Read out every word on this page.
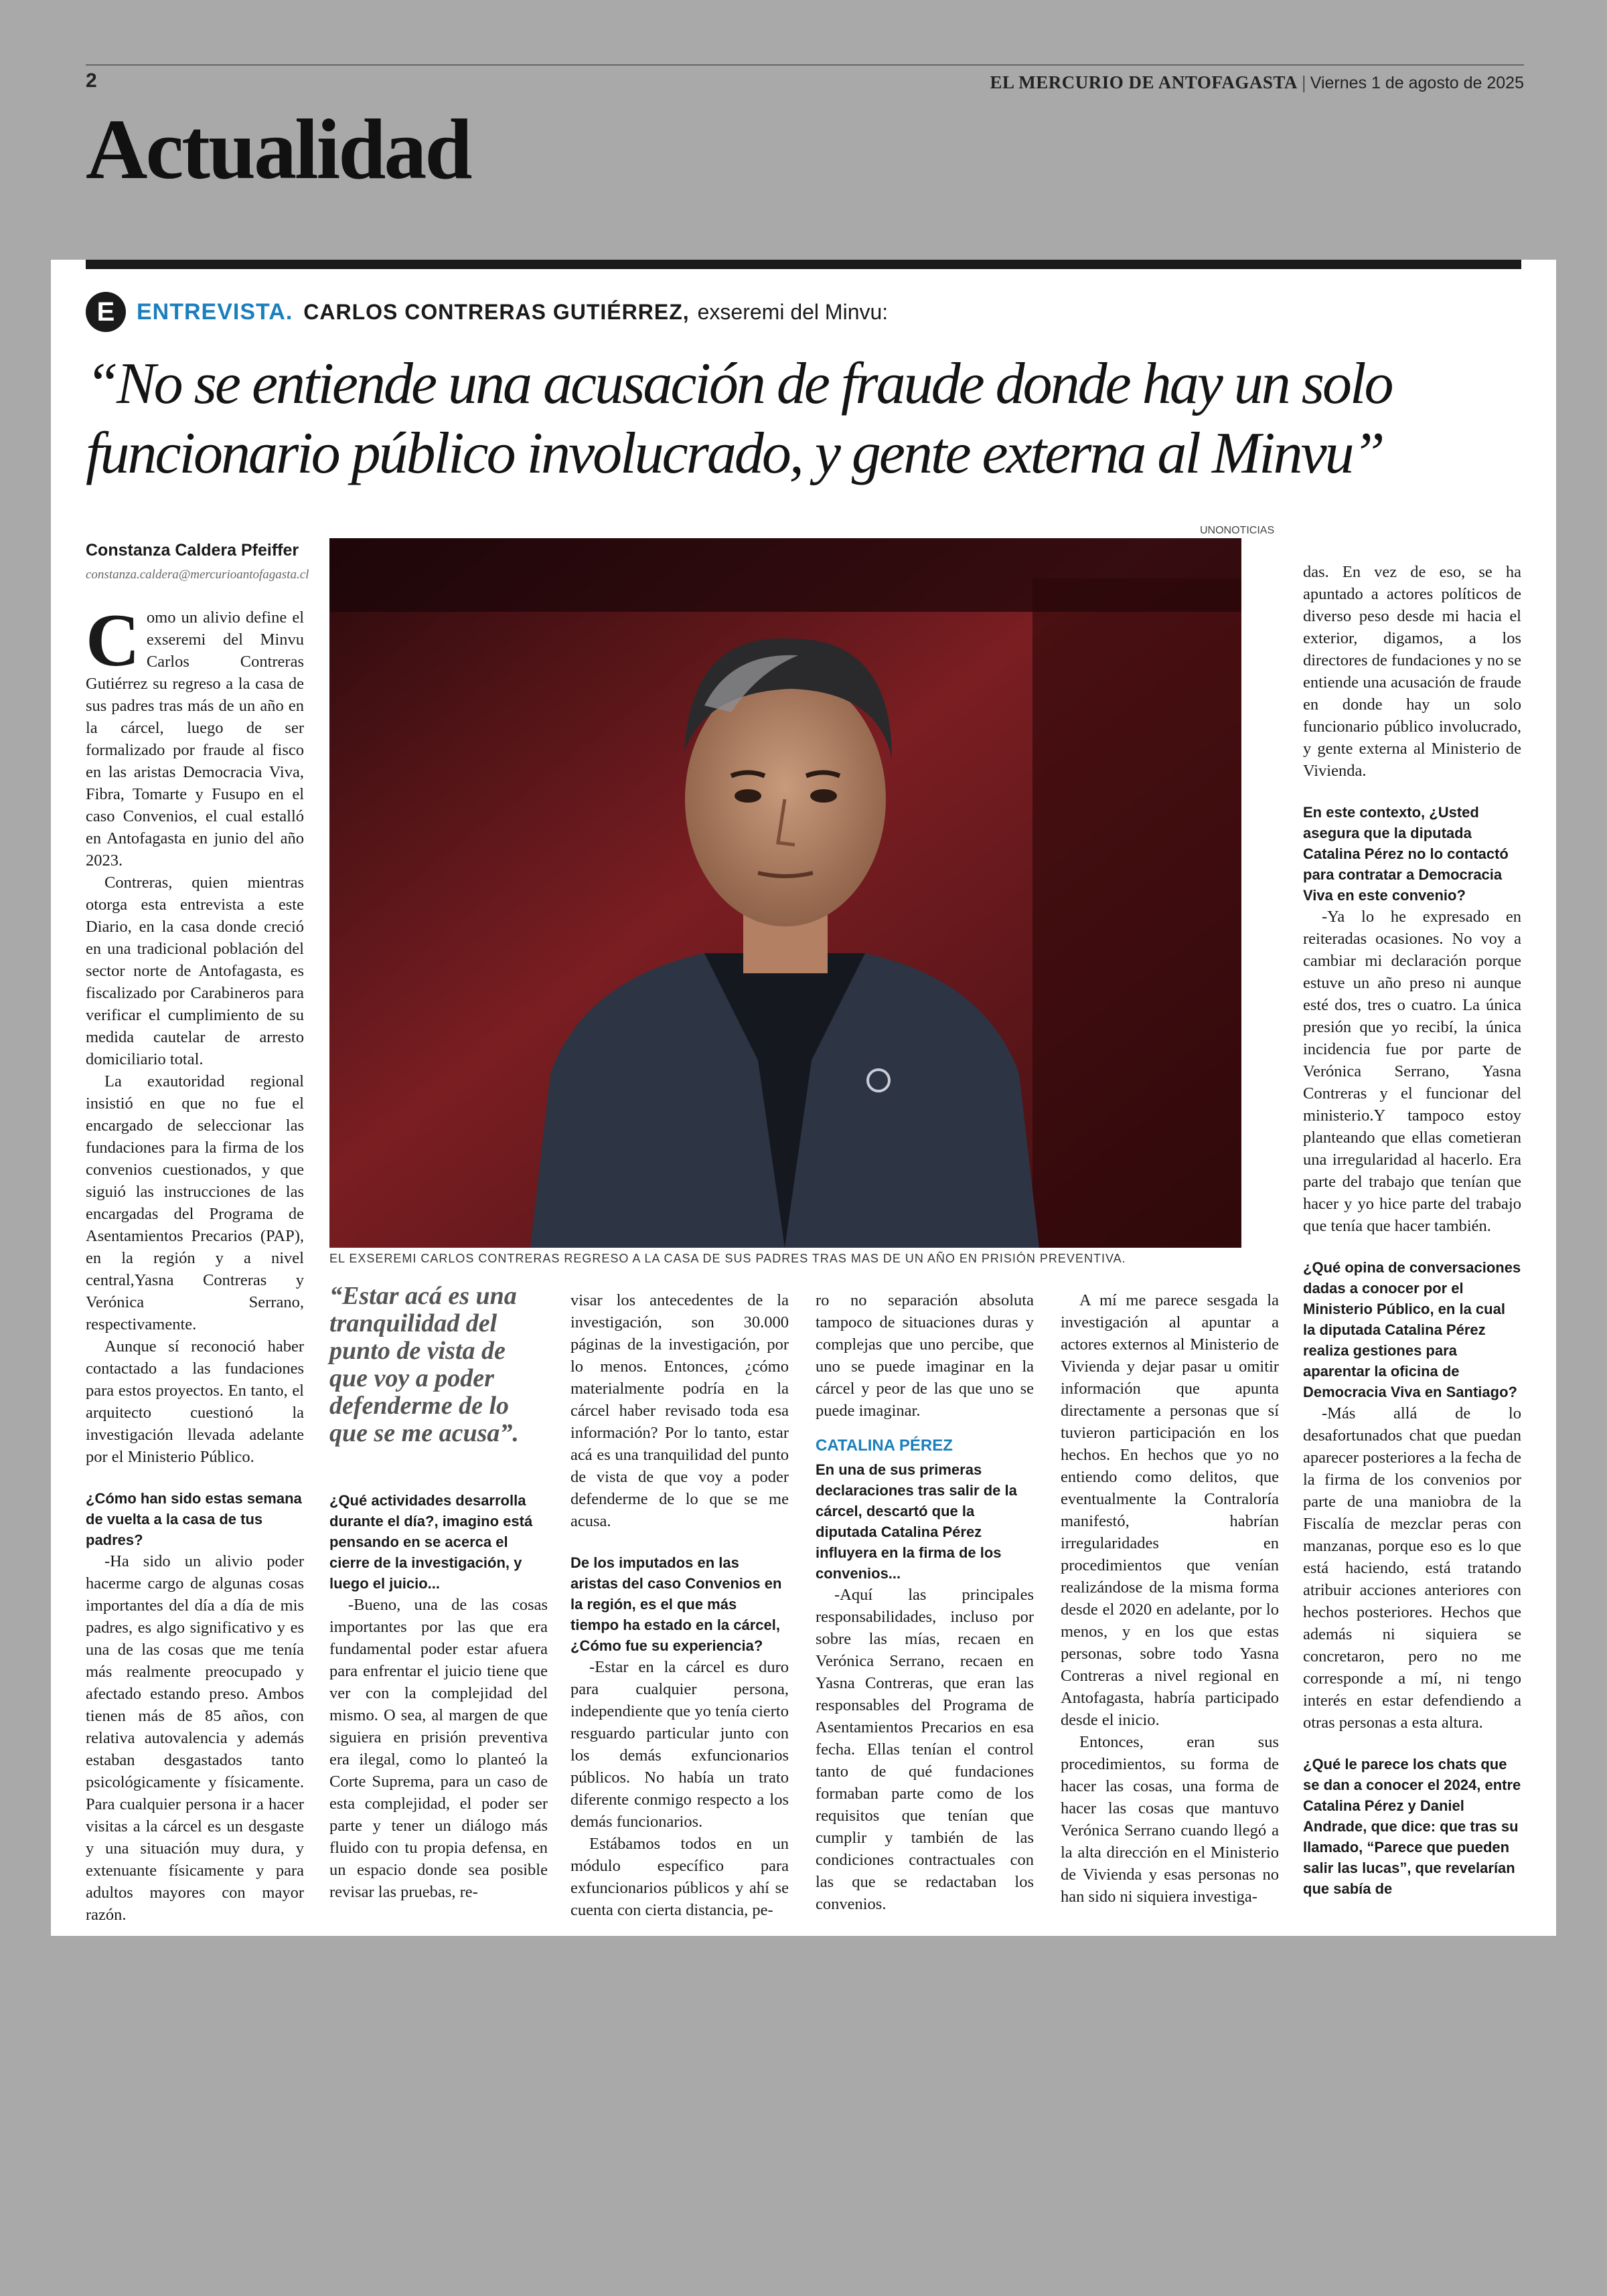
2	EL MERCURIO DE ANTOFAGASTA | Viernes 1 de agosto de 2025
Actualidad
E ENTREVISTA. CARLOS CONTRERAS GUTIÉRREZ, exseremi del Minvu:
“No se entiende una acusación de fraude donde hay un solo
funcionario público involucrado, y gente externa al Minvu”
Constanza Caldera Pfeiffer
constanza.caldera@mercurioantofagasta.cl
UNONOTICIAS
EL EXSEREMI CARLOS CONTRERAS REGRESO A LA CASA DE SUS PADRES TRAS MAS DE UN AÑO EN PRISIÓN PREVENTIVA.
“Estar acá es una tranquilidad del punto de vista de que voy a poder defenderme de lo que se me acusa”.

Como un alivio define el exseremi del Minvu Carlos Contreras Gutiérrez su regreso a la casa de sus padres tras más de un año en la cárcel, luego de ser formalizado por fraude al fisco en las aristas Democracia Viva, Fibra, Tomarte y Fusupo en el caso Convenios, el cual estalló en Antofagasta en junio del año 2023.

Contreras, quien mientras otorga esta entrevista a este Diario, en la casa donde creció en una tradicional población del sector norte de Antofagasta, es fiscalizado por Carabineros para verificar el cumplimiento de su medida cautelar de arresto domiciliario total.

La exautoridad regional insistió en que no fue el encargado de seleccionar las fundaciones para la firma de los convenios cuestionados, y que siguió las instrucciones de las encargadas del Programa de Asentamientos Precarios (PAP), en la región y a nivel central,Yasna Contreras y Verónica Serrano, respectivamente.

Aunque sí reconoció haber contactado a las fundaciones para estos proyectos. En tanto, el arquitecto cuestionó la investigación llevada adelante por el Ministerio Público.

¿Cómo han sido estas semana de vuelta a la casa de tus padres?

-Ha sido un alivio poder hacerme cargo de algunas cosas importantes del día a día de mis padres, es algo significativo y es una de las cosas que me tenía más realmente preocupado y afectado estando preso. Ambos tienen más de 85 años, con relativa autovalencia y además estaban desgastados tanto psicológicamente y físicamente. Para cualquier persona ir a hacer visitas a la cárcel es un desgaste y una situación muy dura, y extenuante físicamente y para adultos mayores con mayor razón.

¿Qué actividades desarrolla durante el día?, imagino está pensando en se acerca el cierre de la investigación, y luego el juicio...

-Bueno, una de las cosas importantes por las que era fundamental poder estar afuera para enfrentar el juicio tiene que ver con la complejidad del mismo. O sea, al margen de que siguiera en prisión preventiva era ilegal, como lo planteó la Corte Suprema, para un caso de esta complejidad, el poder ser parte y tener un diálogo más fluido con tu propia defensa, en un espacio donde sea posible revisar las pruebas, re-

visar los antecedentes de la investigación, son 30.000 páginas de la investigación, por lo menos. Entonces, ¿cómo materialmente podría en la cárcel haber revisado toda esa información? Por lo tanto, estar acá es una tranquilidad del punto de vista de que voy a poder defenderme de lo que se me acusa.

De los imputados en las aristas del caso Convenios en la región, es el que más tiempo ha estado en la cárcel, ¿Cómo fue su experiencia?

-Estar en la cárcel es duro para cualquier persona, independiente que yo tenía cierto resguardo particular junto con los demás exfuncionarios públicos. No había un trato diferente conmigo respecto a los demás funcionarios.

Estábamos todos en un módulo específico para exfuncionarios públicos y ahí se cuenta con cierta distancia, pe-

ro no separación absoluta tampoco de situaciones duras y complejas que uno percibe, que uno se puede imaginar en la cárcel y peor de las que uno se puede imaginar.

CATALINA PÉREZ

En una de sus primeras declaraciones tras salir de la cárcel, descartó que la diputada Catalina Pérez influyera en la firma de los convenios...

-Aquí las principales responsabilidades, incluso por sobre las mías, recaen en Verónica Serrano, recaen en Yasna Contreras, que eran las responsables del Programa de Asentamientos Precarios en esa fecha. Ellas tenían el control tanto de qué fundaciones formaban parte como de los requisitos que tenían que cumplir y también de las condiciones contractuales con las que se redactaban los convenios.

A mí me parece sesgada la investigación al apuntar a actores externos al Ministerio de Vivienda y dejar pasar u omitir información que apunta directamente a personas que sí tuvieron participación en los hechos. En hechos que yo no entiendo como delitos, que eventualmente la Contraloría manifestó, habrían irregularidades en procedimientos que venían realizándose de la misma forma desde el 2020 en adelante, por lo menos, y en los que estas personas, sobre todo Yasna Contreras a nivel regional en Antofagasta, habría participado desde el inicio.

Entonces, eran sus procedimientos, su forma de hacer las cosas, una forma de hacer las cosas que mantuvo Verónica Serrano cuando llegó a la alta dirección en el Ministerio de Vivienda y esas personas no han sido ni siquiera investiga-

das. En vez de eso, se ha apuntado a actores políticos de diverso peso desde mi hacia el exterior, digamos, a los directores de fundaciones y no se entiende una acusación de fraude en donde hay un solo funcionario público involucrado, y gente externa al Ministerio de Vivienda.

En este contexto, ¿Usted asegura que la diputada Catalina Pérez no lo contactó para contratar a Democracia Viva en este convenio?

-Ya lo he expresado en reiteradas ocasiones. No voy a cambiar mi declaración porque estuve un año preso ni aunque esté dos, tres o cuatro. La única presión que yo recibí, la única incidencia fue por parte de Verónica Serrano, Yasna Contreras y el funcionar del ministerio.Y tampoco estoy planteando que ellas cometieran una irregularidad al hacerlo. Era parte del trabajo que tenían que hacer y yo hice parte del trabajo que tenía que hacer también.

¿Qué opina de conversaciones dadas a conocer por el Ministerio Público, en la cual la diputada Catalina Pérez realiza gestiones para aparentar la oficina de Democracia Viva en Santiago?

-Más allá de lo desafortunados chat que puedan aparecer posteriores a la fecha de la firma de los convenios por parte de una maniobra de la Fiscalía de mezclar peras con manzanas, porque eso es lo que está haciendo, está tratando atribuir acciones anteriores con hechos posteriores. Hechos que además ni siquiera se concretaron, pero no me corresponde a mí, ni tengo interés en estar defendiendo a otras personas a esta altura.

¿Qué le parece los chats que se dan a conocer el 2024, entre Catalina Pérez y Daniel Andrade, que dice: que tras su llamado, “Parece que pueden salir las lucas”, que revelarían que sabía de
